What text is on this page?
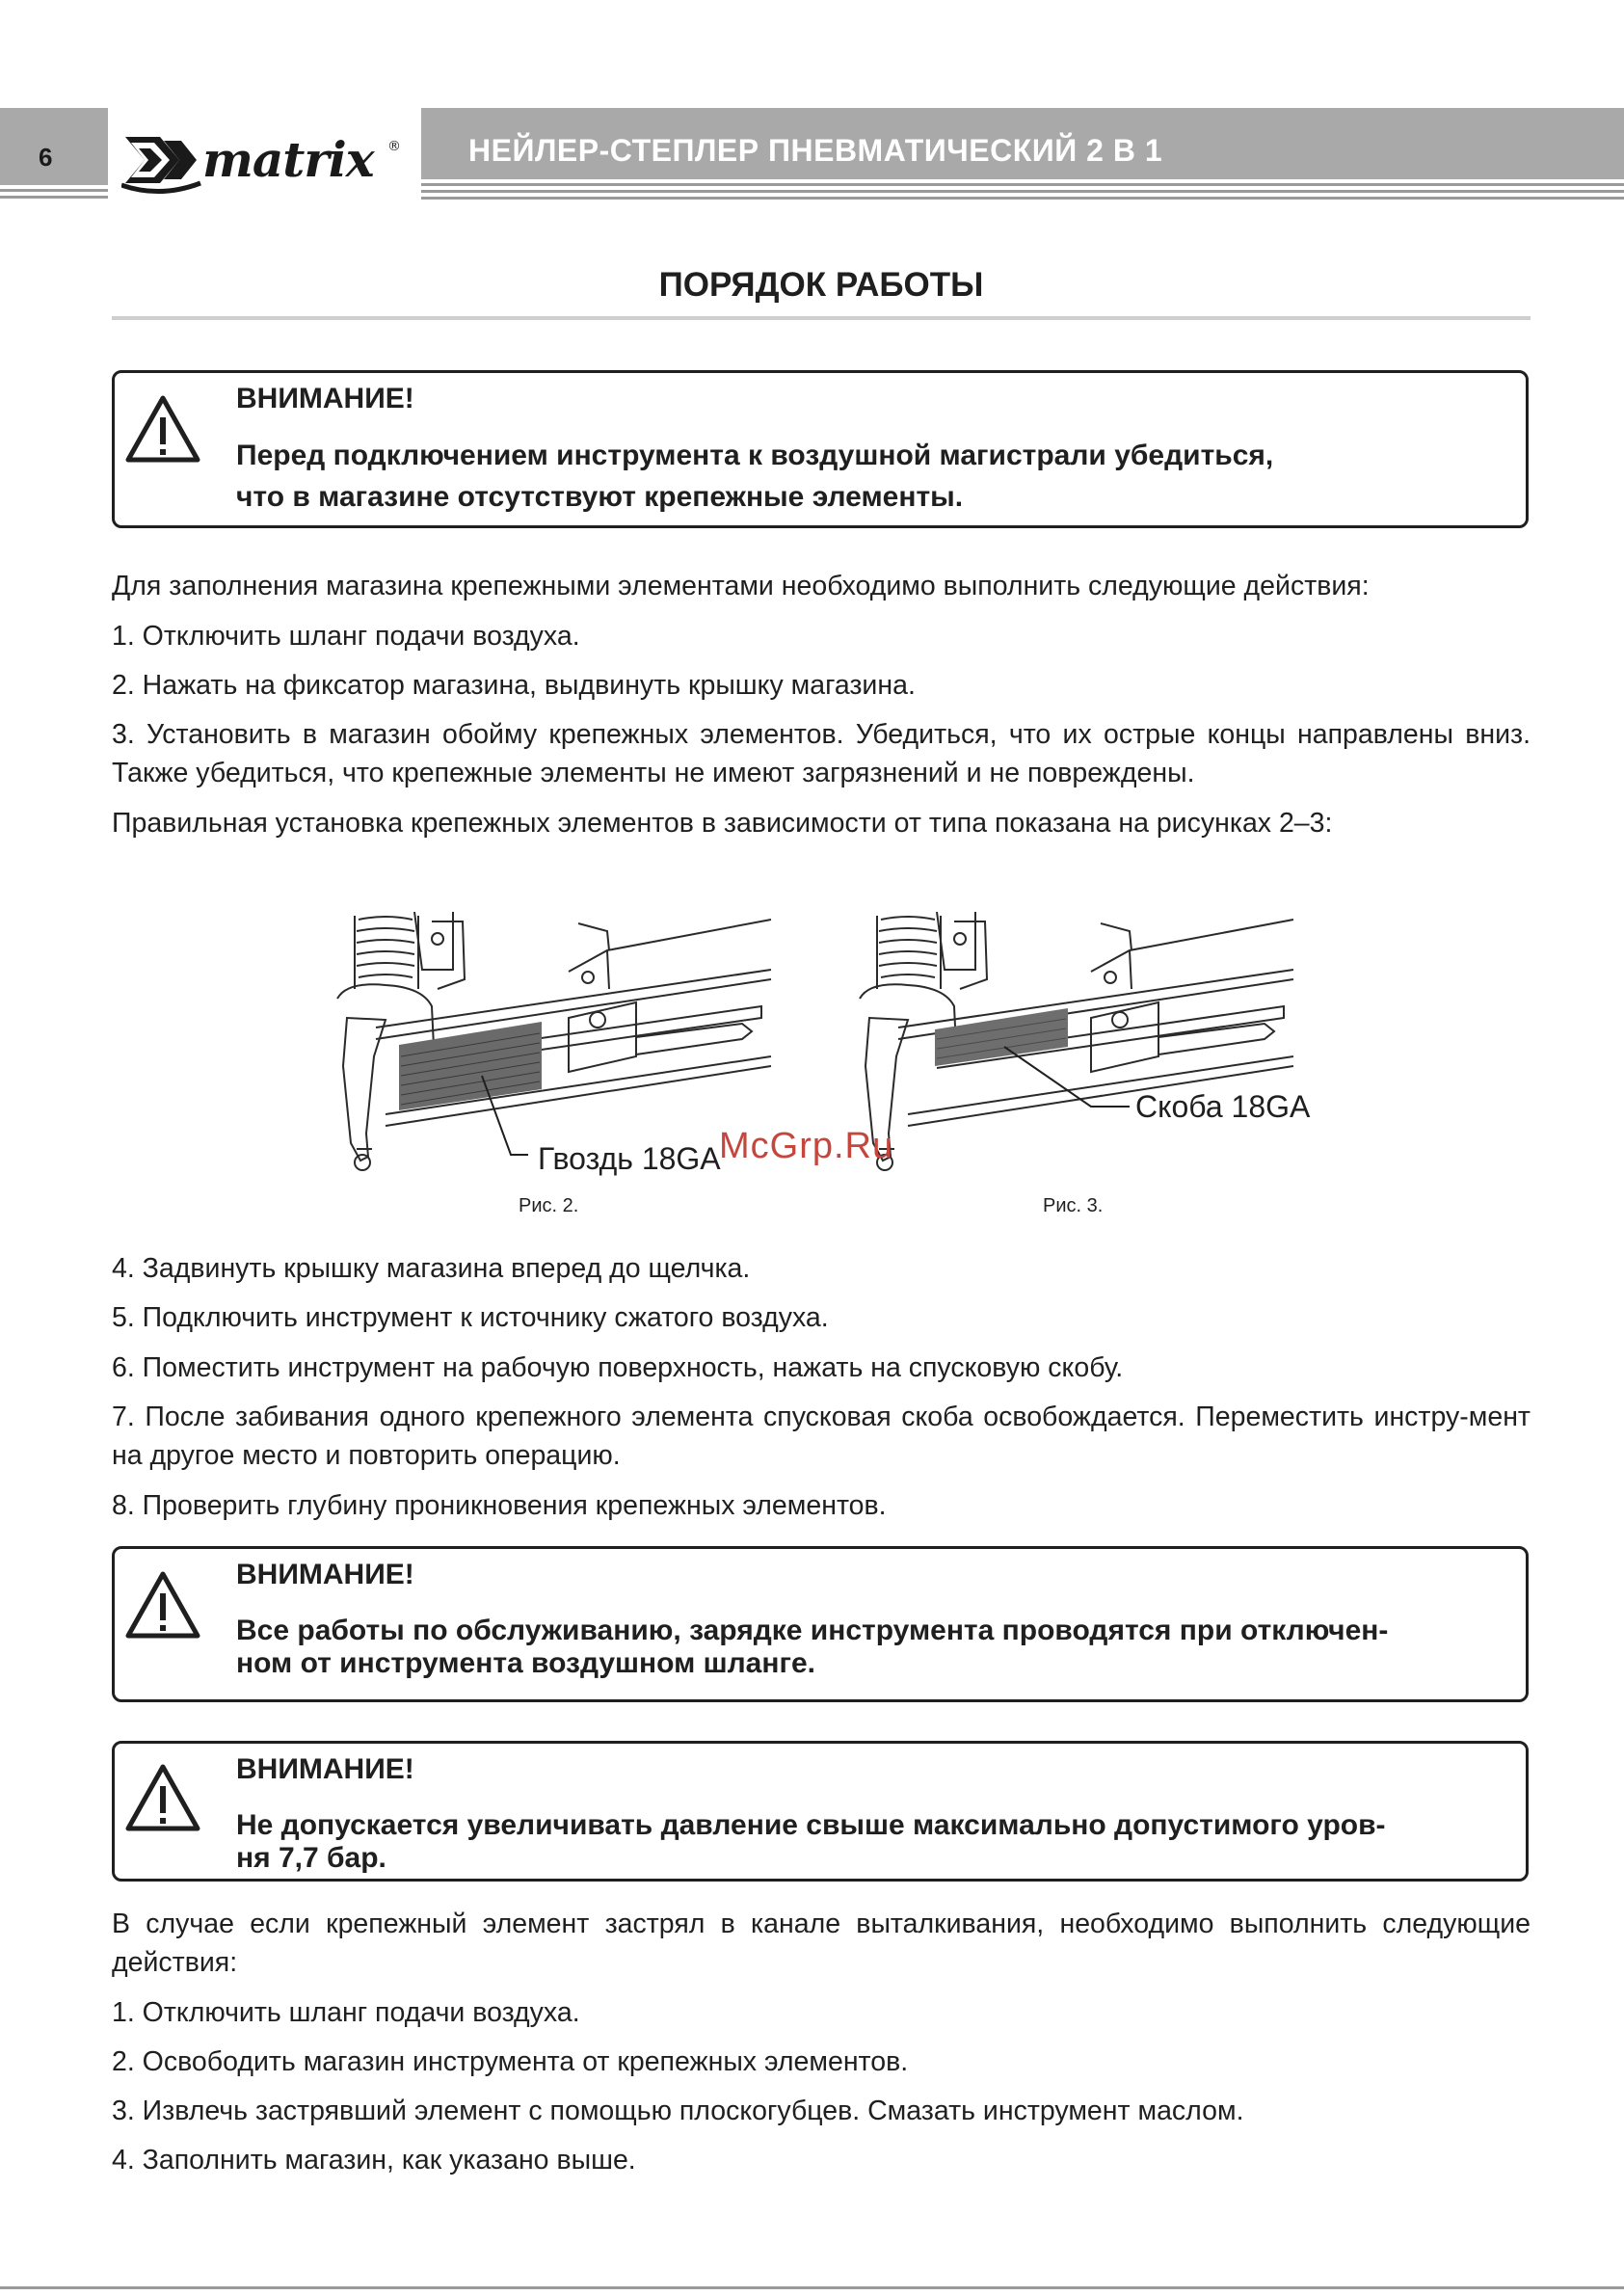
6	matrix ® НЕЙЛЕР-СТЕПЛЕР ПНЕВМАТИЧЕСКИЙ 2 В 1
ПОРЯДОК РАБОТЫ
ВНИМАНИЕ!
Перед подключением инструмента к воздушной магистрали убедиться,
что в магазине отсутствуют крепежные элементы.
Для заполнения магазина крепежными элементами необходимо выполнить следующие действия:
1. Отключить шланг подачи воздуха.
2. Нажать на фиксатор магазина, выдвинуть крышку магазина.
3. Установить в магазин обойму крепежных элементов. Убедиться, что их острые концы направлены вниз. Также убедиться, что крепежные элементы не имеют загрязнений и не повреждены.
Правильная установка крепежных элементов в зависимости от типа показана на рисунках 2–3:
Гвоздь 18GA
Рис. 2.
Скоба 18GA
Рис. 3.
McGrp.Ru
4. Задвинуть крышку магазина вперед до щелчка.
5. Подключить инструмент к источнику сжатого воздуха.
6. Поместить инструмент на рабочую поверхность, нажать на спусковую скобу.
7. После забивания одного крепежного элемента спусковая скоба освобождается. Переместить инстру-мент на другое место и повторить операцию.
8. Проверить глубину проникновения крепежных элементов.
ВНИМАНИЕ!
Все работы по обслуживанию, зарядке инструмента проводятся при отключен-
ном от инструмента воздушном шланге.
ВНИМАНИЕ!
Не допускается увеличивать давление свыше максимально допустимого уров-
ня 7,7 бар.
В случае если крепежный элемент застрял в канале выталкивания, необходимо выполнить следующие действия:
1. Отключить шланг подачи воздуха.
2. Освободить магазин инструмента от крепежных элементов.
3. Извлечь застрявший элемент с помощью плоскогубцев. Смазать инструмент маслом.
4. Заполнить магазин, как указано выше.
